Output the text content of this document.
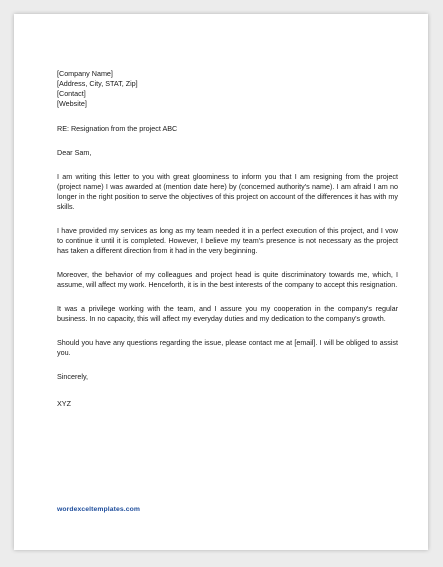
[Company Name]
[Address, City, STAT, Zip]
[Contact]
[Website]
RE: Resignation from the project ABC
Dear Sam,

I am writing this letter to you with great gloominess to inform you that I am resigning from the project (project name) I was awarded at (mention date here) by (concerned authority's name). I am afraid I am no longer in the right position to serve the objectives of this project on account of the differences it has with my skills.

I have provided my services as long as my team needed it in a perfect execution of this project, and I vow to continue it until it is completed. However, I believe my team's presence is not necessary as the project has taken a different direction from it had in the very beginning.

Moreover, the behavior of my colleagues and project head is quite discriminatory towards me, which, I assume, will affect my work. Henceforth, it is in the best interests of the company to accept this resignation.

It was a privilege working with the team, and I assure you my cooperation in the company's regular business. In no capacity, this will affect my everyday duties and my dedication to the company's growth.

Should you have any questions regarding the issue, please contact me at [email]. I will be obliged to assist you.

Sincerely,
XYZ
wordexceltemplates.com
